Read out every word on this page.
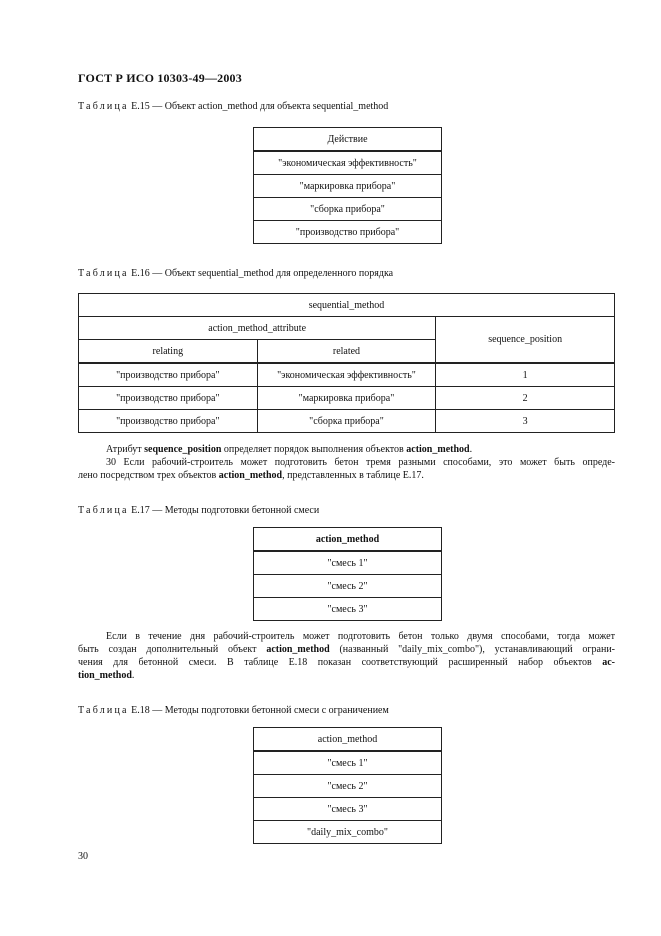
ГОСТ Р ИСО 10303-49—2003
Таблица Е.15 — Объект action_method для объекта sequential_method
Действие
"экономическая эффективность"
"маркировка прибора"
"сборка прибора"
"производство прибора"
Таблица Е.16 — Объект sequential_method для определенного порядка
sequential_method		
action_method_attribute		sequence_position
relating	related	
"производство прибора"	"экономическая эффективность"	1
"производство прибора"	"маркировка прибора"	2
"производство прибора"	"сборка прибора"	3
Атрибут sequence_position определяет порядок выполнения объектов action_method.
30 Если рабочий-строитель может подготовить бетон тремя разными способами, это может быть опреде-
лено посредством трех объектов action_method, представленных в таблице Е.17.
Таблица Е.17 — Методы подготовки бетонной смеси
action_method
"смесь 1"
"смесь 2"
"смесь 3"
Если в течение дня рабочий-строитель может подготовить бетон только двумя способами, тогда может
быть создан дополнительный объект action_method (названный "daily_mix_combo"), устанавливающий ограни-
чения для бетонной смеси. В таблице Е.18 показан соответствующий расширенный набор объектов ac-
tion_method.
Таблица Е.18 — Методы подготовки бетонной смеси с ограничением
action_method
"смесь 1"
"смесь 2"
"смесь 3"
"daily_mix_combo"
30
